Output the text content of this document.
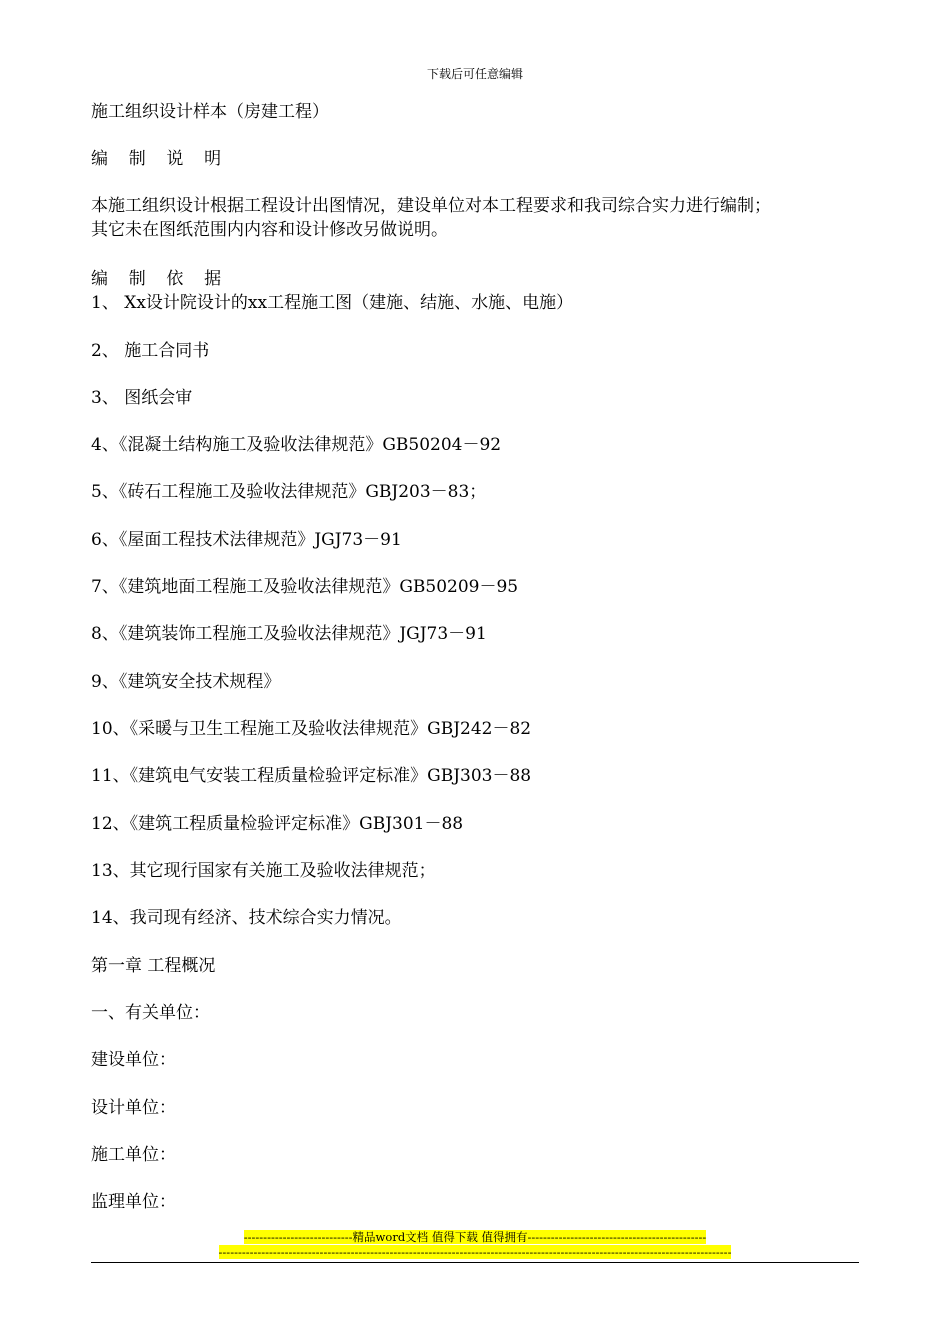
下载后可任意编辑
施工组织设计样本（房建工程）
编 制 说 明
本施工组织设计根据工程设计出图情况，建设单位对本工程要求和我司综合实力进行编制；
其它未在图纸范围内内容和设计修改另做说明。
编 制 依 据
1、 Xx设计院设计的xx工程施工图（建施、结施、水施、电施）
2、 施工合同书
3、 图纸会审
4、《混凝土结构施工及验收法律规范》GB50204－92
5、《砖石工程施工及验收法律规范》GBJ203－83；
6、《屋面工程技术法律规范》JGJ73－91
7、《建筑地面工程施工及验收法律规范》GB50209－95
8、《建筑装饰工程施工及验收法律规范》JGJ73－91
9、《建筑安全技术规程》
10、《采暖与卫生工程施工及验收法律规范》GBJ242－82
11、《建筑电气安装工程质量检验评定标准》GBJ303－88
12、《建筑工程质量检验评定标准》GBJ301－88
13、其它现行国家有关施工及验收法律规范；
14、我司现有经济、技术综合实力情况。
第一章 工程概况
一、有关单位：
建设单位：
设计单位：
施工单位：
监理单位：
----------------------------精品word文档 值得下载 值得拥有----------------------------------------------
------------------------------------------------------------------------------------------------------------------------------------
